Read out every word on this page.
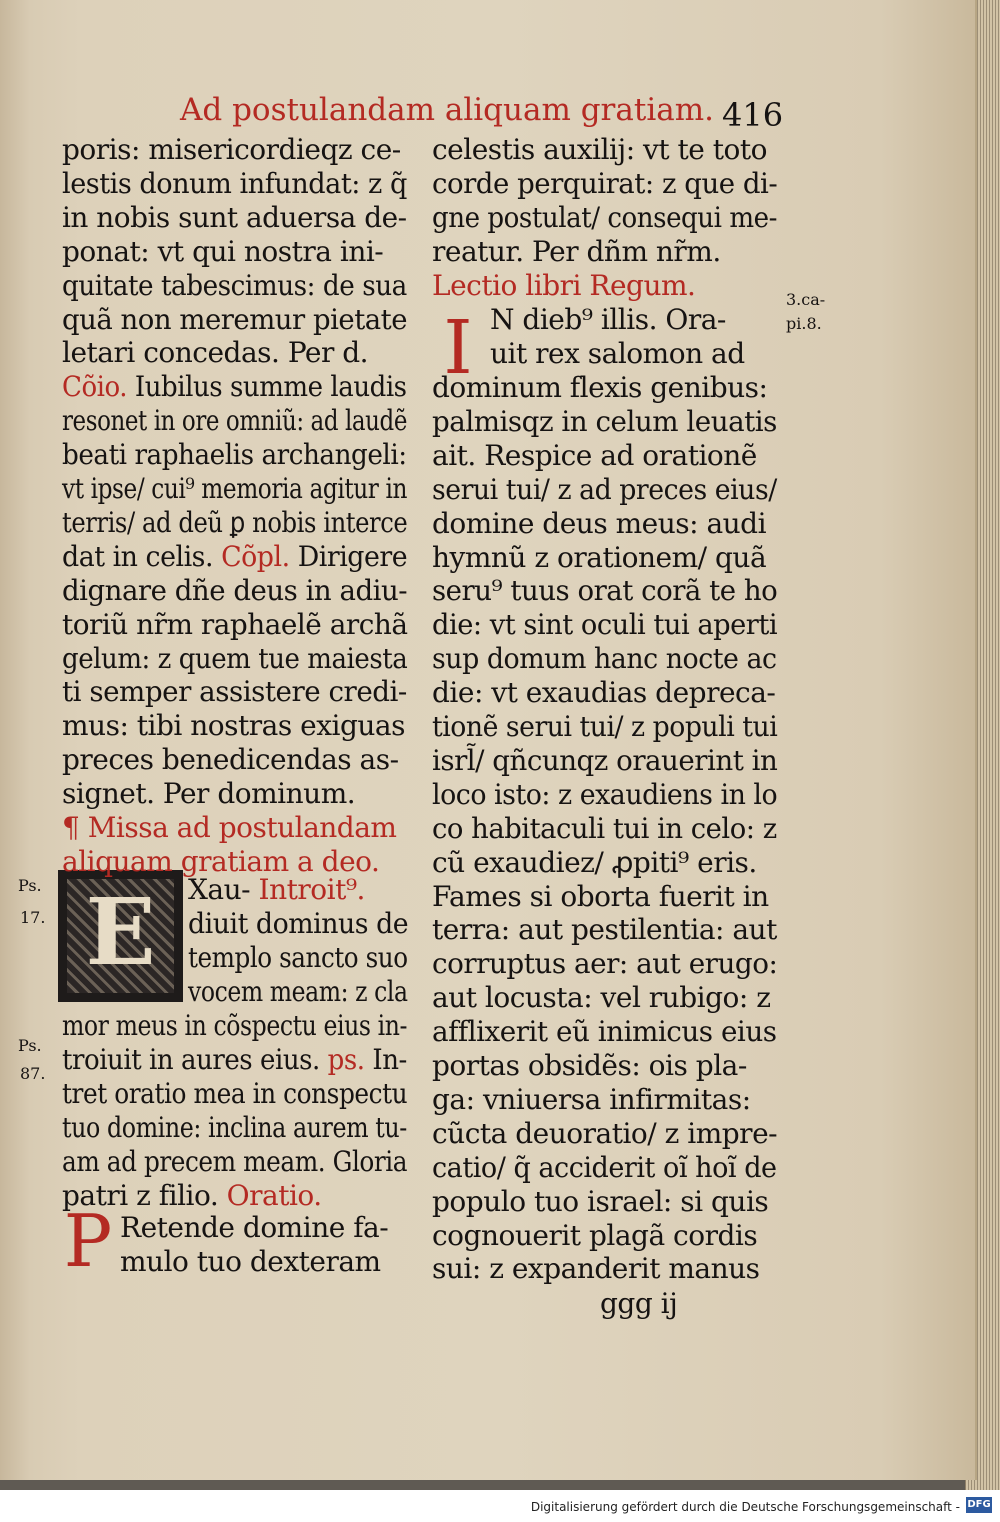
Ad postulandam aliquam gratiam. 416
I
E
P
3.ca-
pi.8.
Ps.
17.
Ps.
87.
ggg ij
poris: misericordieqz ce-
lestis donum infundat: z q̃
in nobis sunt aduersa de-
ponat: vt qui nostra ini-
quitate tabescimus: de sua
quã non meremur pietate
letari concedas. Per d.
Cõio. Iubilus summe laudis
resonet in ore omniũ: ad laudẽ
beati raphaelis archangeli:
vt ipse/ cui⁹ memoria agitur in
terris/ ad deũ ꝑ nobis interce
dat in celis. Cõpl. Dirigere
dignare dñe deus in adiu-
toriũ nr̃m raphaelẽ archã
gelum: z quem tue maiesta
ti semper assistere credi-
mus: tibi nostras exiguas
preces benedicendas as-
signet. Per dominum.
¶ Missa ad postulandam
aliquam gratiam a deo.
Xau- Introit⁹.
diuit dominus de
templo sancto suo
vocem meam: z cla
mor meus in cõspectu eius in-
troiuit in aures eius. ps. In-
tret oratio mea in conspectu
tuo domine: inclina aurem tu-
am ad precem meam. Gloria
patri z filio. Oratio.
Retende domine fa-
mulo tuo dexteram
celestis auxilij: vt te toto
corde perquirat: z que di-
gne postulat/ consequi me-
reatur. Per dñm nr̃m.
Lectio libri Regum.
N dieb⁹ illis. Ora-
uit rex salomon ad
dominum flexis genibus:
palmisqz in celum leuatis
ait. Respice ad orationẽ
serui tui/ z ad preces eius/
domine deus meus: audi
hymnũ z orationem/ quã
seru⁹ tuus orat corã te ho
die: vt sint oculi tui aperti
sup domum hanc nocte ac
die: vt exaudias depreca-
tionẽ serui tui/ z populi tui
isrl̃/ qñcunqz orauerint in
loco isto: z exaudiens in lo
co habitaculi tui in celo: z
cũ exaudiez/ ꝓpiti⁹ eris.
Fames si oborta fuerit in
terra: aut pestilentia: aut
corruptus aer: aut erugo:
aut locusta: vel rubigo: z
afflixerit eũ inimicus eius
portas obsidẽs: ois pla-
ga: vniuersa infirmitas:
cũcta deuoratio/ z impre-
catio/ q̃ acciderit oĩ hoĩ de
populo tuo israel: si quis
cognouerit plagã cordis
sui: z expanderit manus
Digitalisierung gefördert durch die Deutsche Forschungsgemeinschaft - DFG
